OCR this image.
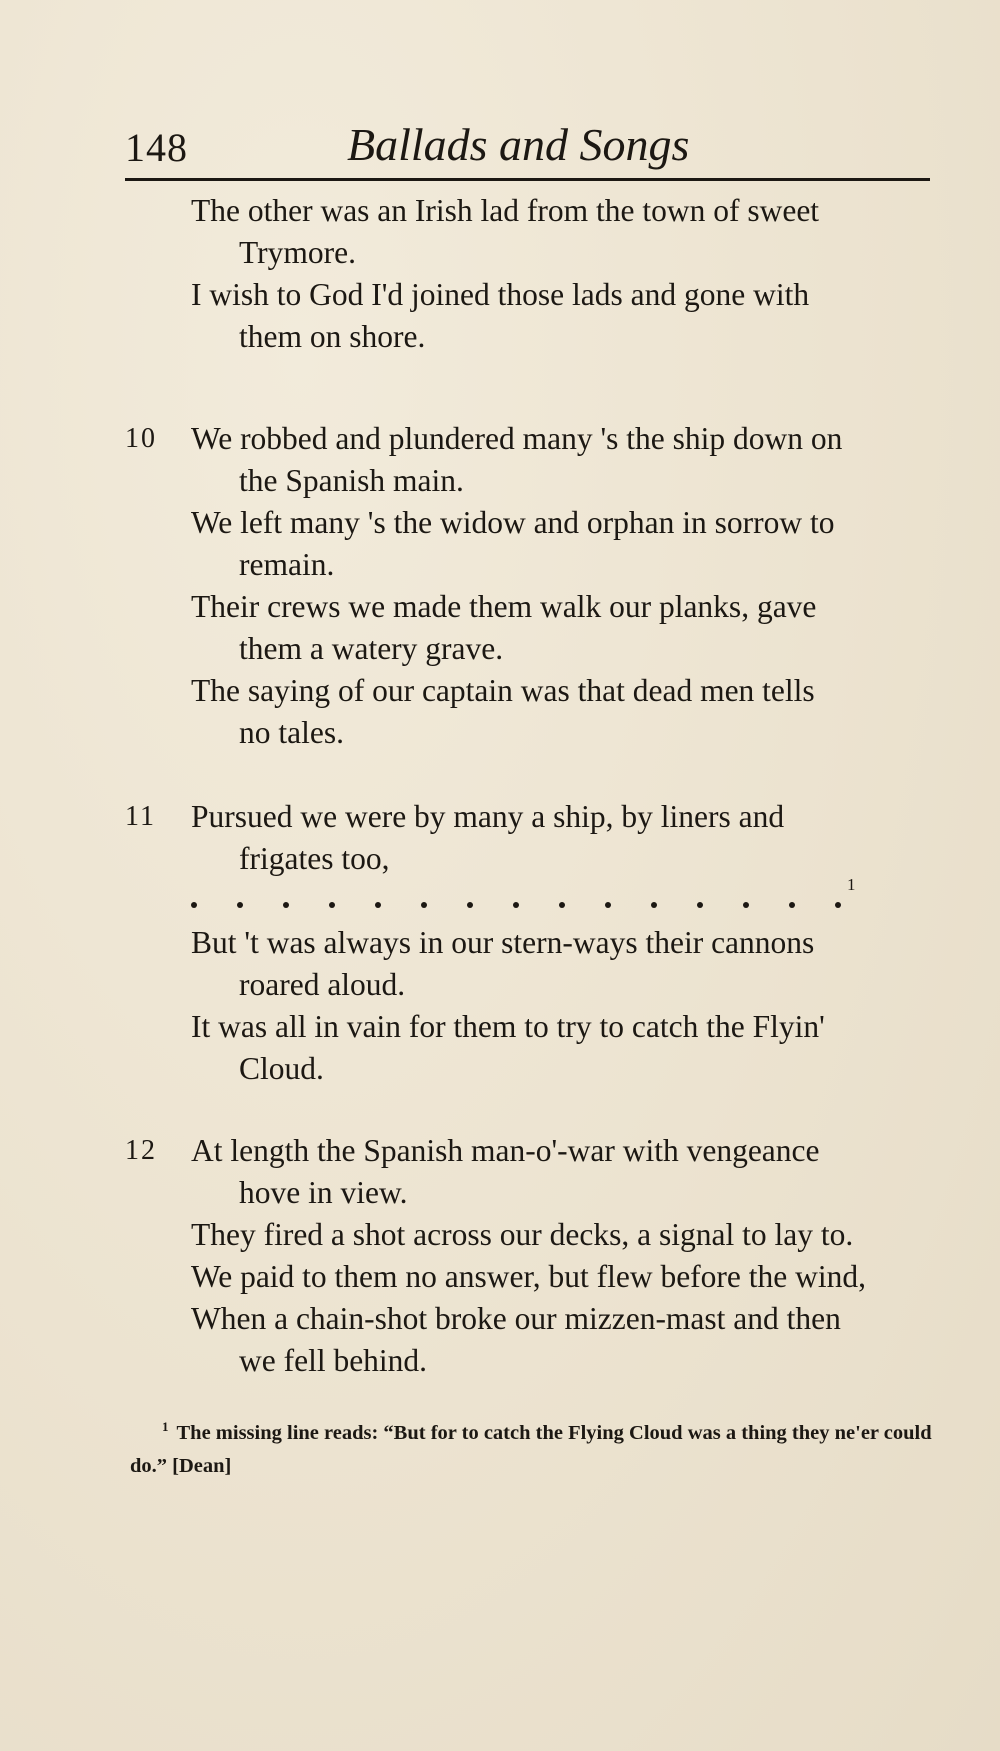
148	Ballads and Songs
The other was an Irish lad from the town of sweet
Trymore.
I wish to God I'd joined those lads and gone with
them on shore.
10 We robbed and plundered many 's the ship down on
the Spanish main.
We left many 's the widow and orphan in sorrow to
remain.
Their crews we made them walk our planks, gave
them a watery grave.
The saying of our captain was that dead men tells
no tales.
11 Pursued we were by many a ship, by liners and
frigates too,
1
But 't was always in our stern-ways their cannons
roared aloud.
It was all in vain for them to try to catch the Flyin'
Cloud.
12 At length the Spanish man-o'-war with vengeance
hove in view.
They fired a shot across our decks, a signal to lay to.
We paid to them no answer, but flew before the wind,
When a chain-shot broke our mizzen-mast and then
we fell behind.
$^1$ The missing line reads: “But for to catch the Flying Cloud was a thing they ne'er could do.” [Dean]
